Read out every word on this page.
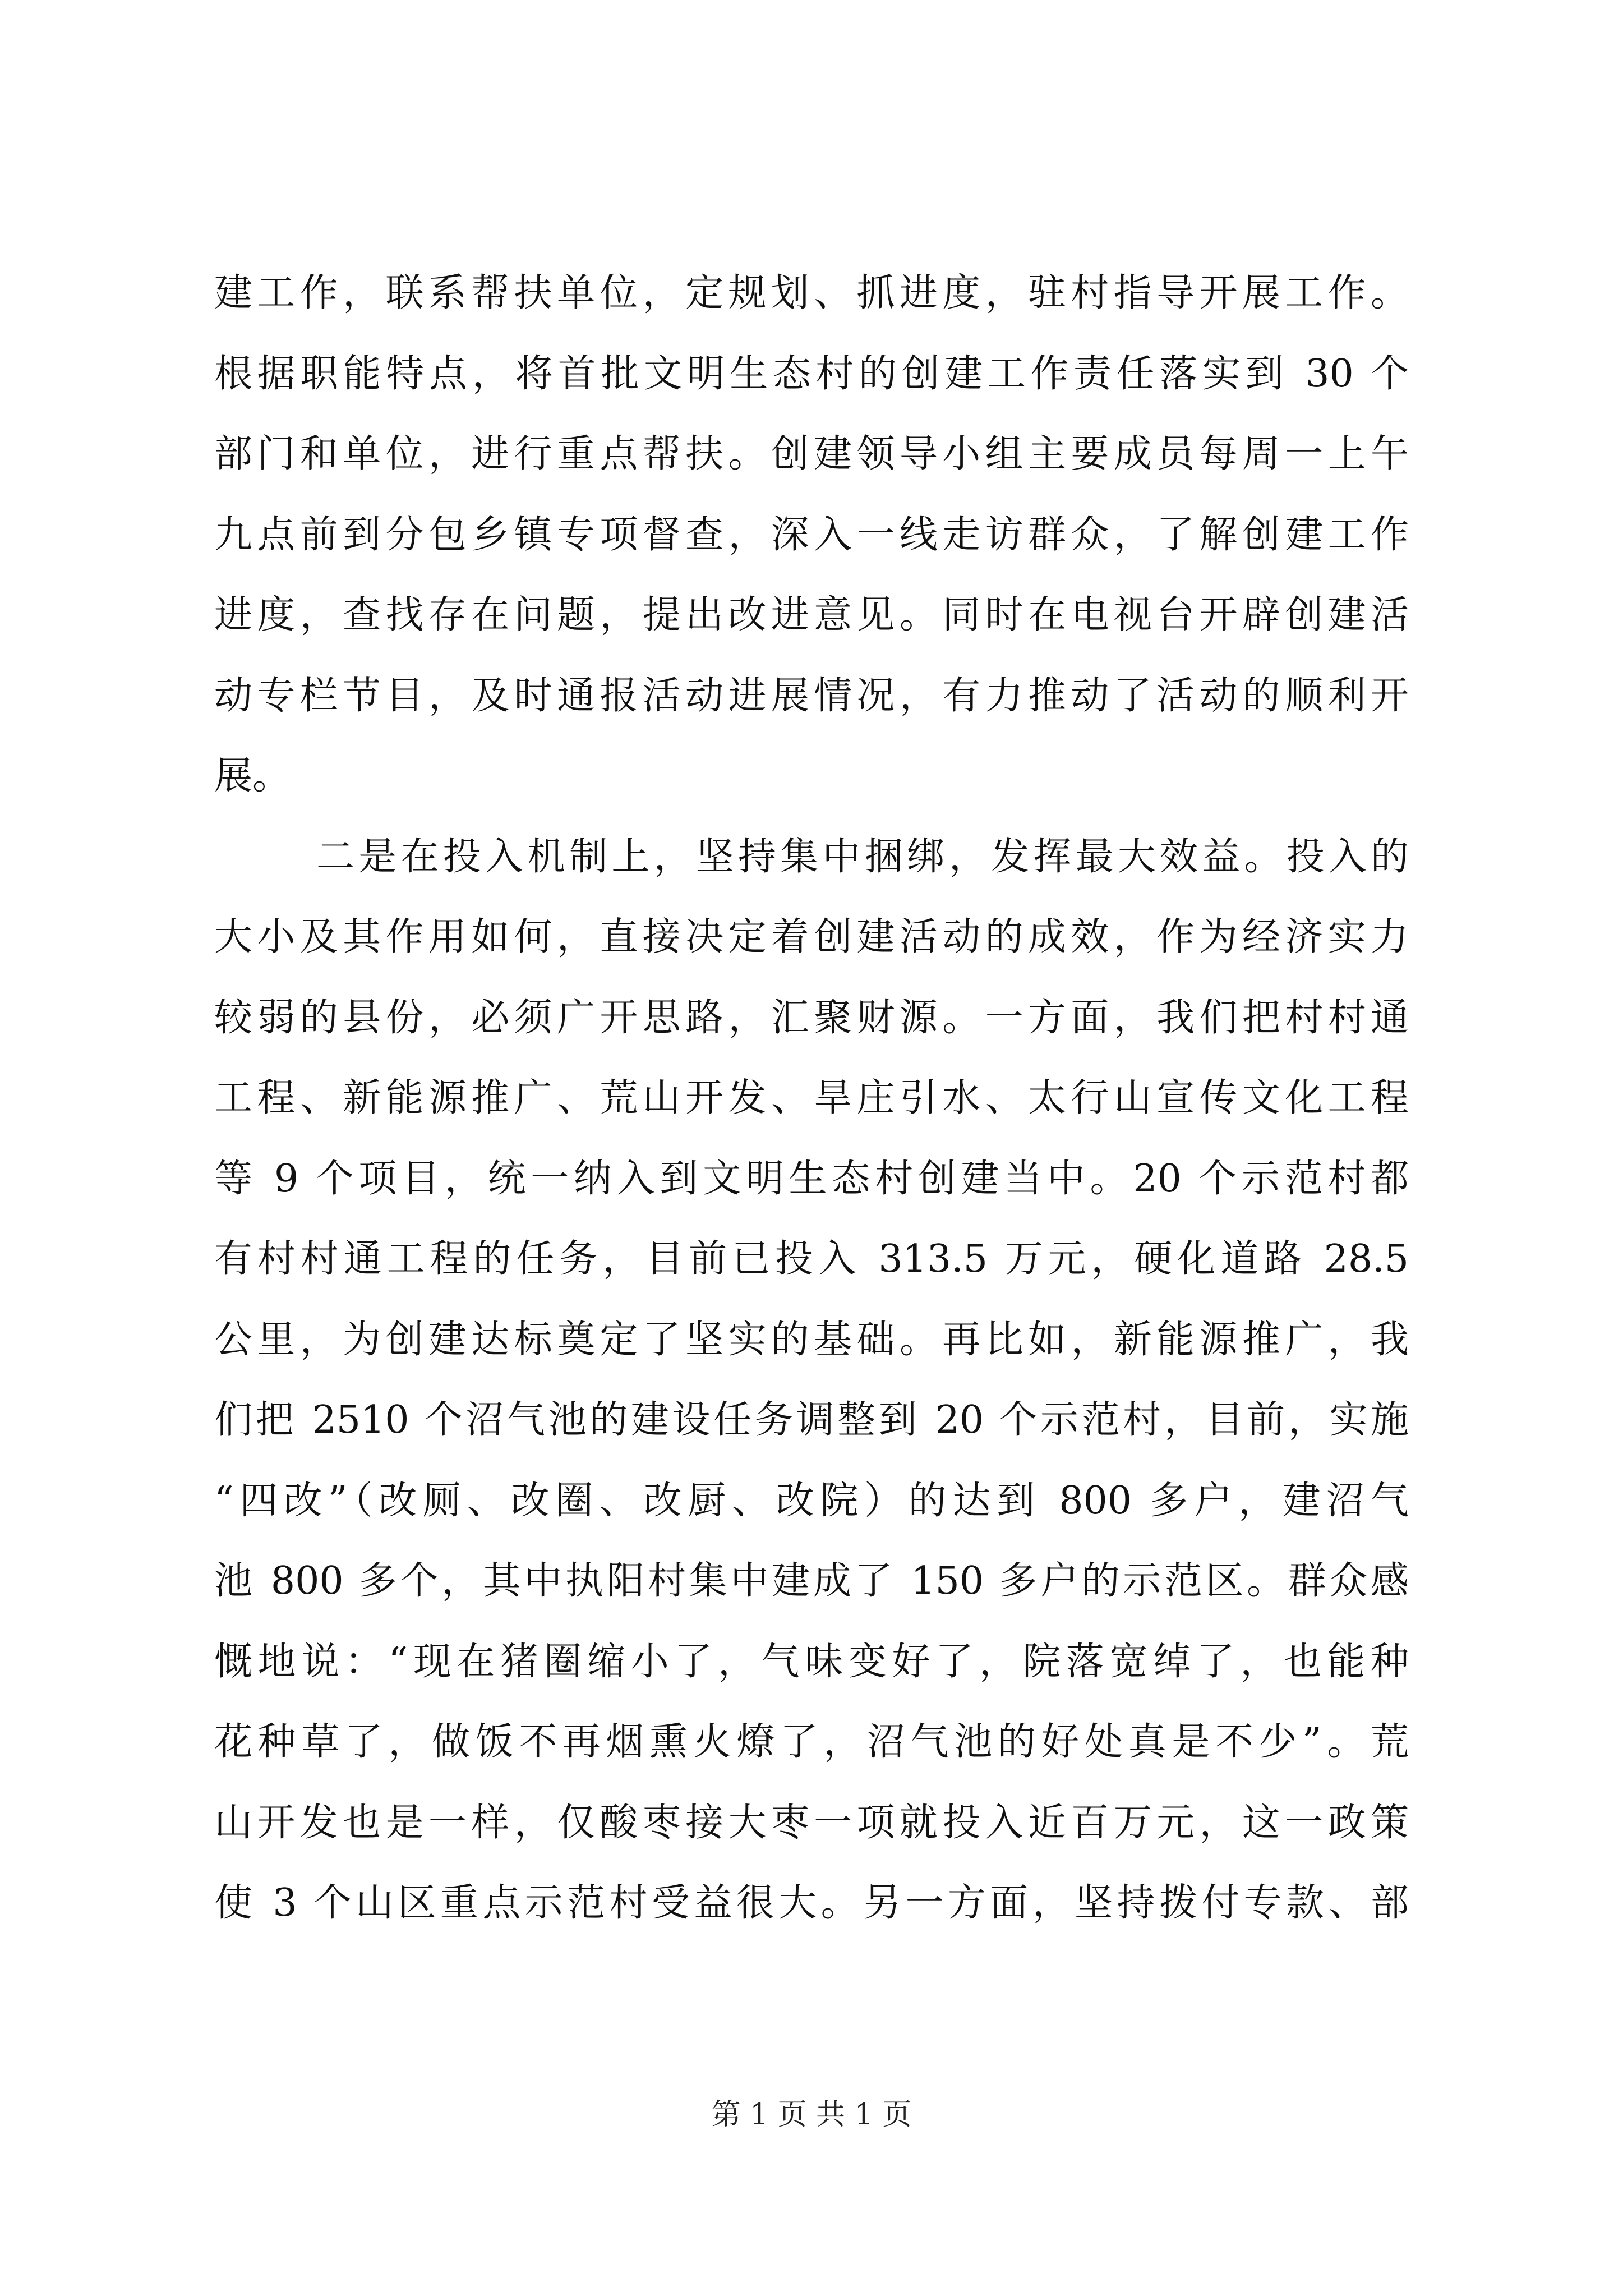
建工作，联系帮扶单位，定规划、抓进度，驻村指导开展工作。
根据职能特点，将首批文明生态村的创建工作责任落实到 30 个
部门和单位，进行重点帮扶。创建领导小组主要成员每周一上午
九点前到分包乡镇专项督查，深入一线走访群众，了解创建工作
进度，查找存在问题，提出改进意见。同时在电视台开辟创建活
动专栏节目，及时通报活动进展情况，有力推动了活动的顺利开
展。
二是在投入机制上，坚持集中捆绑，发挥最大效益。投入的
大小及其作用如何，直接决定着创建活动的成效，作为经济实力
较弱的县份，必须广开思路，汇聚财源。一方面，我们把村村通
工程、新能源推广、荒山开发、旱庄引水、太行山宣传文化工程
等 9 个项目，统一纳入到文明生态村创建当中。20 个示范村都
有村村通工程的任务，目前已投入 313.5 万元，硬化道路 28.5
公里，为创建达标奠定了坚实的基础。再比如，新能源推广，我
们把 2510 个沼气池的建设任务调整到 20 个示范村，目前，实施
“四改”（改厕、改圈、改厨、改院）的达到 800 多户，建沼气
池 800 多个，其中执阳村集中建成了 150 多户的示范区。群众感
慨地说：“现在猪圈缩小了，气味变好了，院落宽绰了，也能种
花种草了，做饭不再烟熏火燎了，沼气池的好处真是不少”。荒
山开发也是一样，仅酸枣接大枣一项就投入近百万元，这一政策
使 3 个山区重点示范村受益很大。另一方面，坚持拨付专款、部
第 1 页 共 1 页
